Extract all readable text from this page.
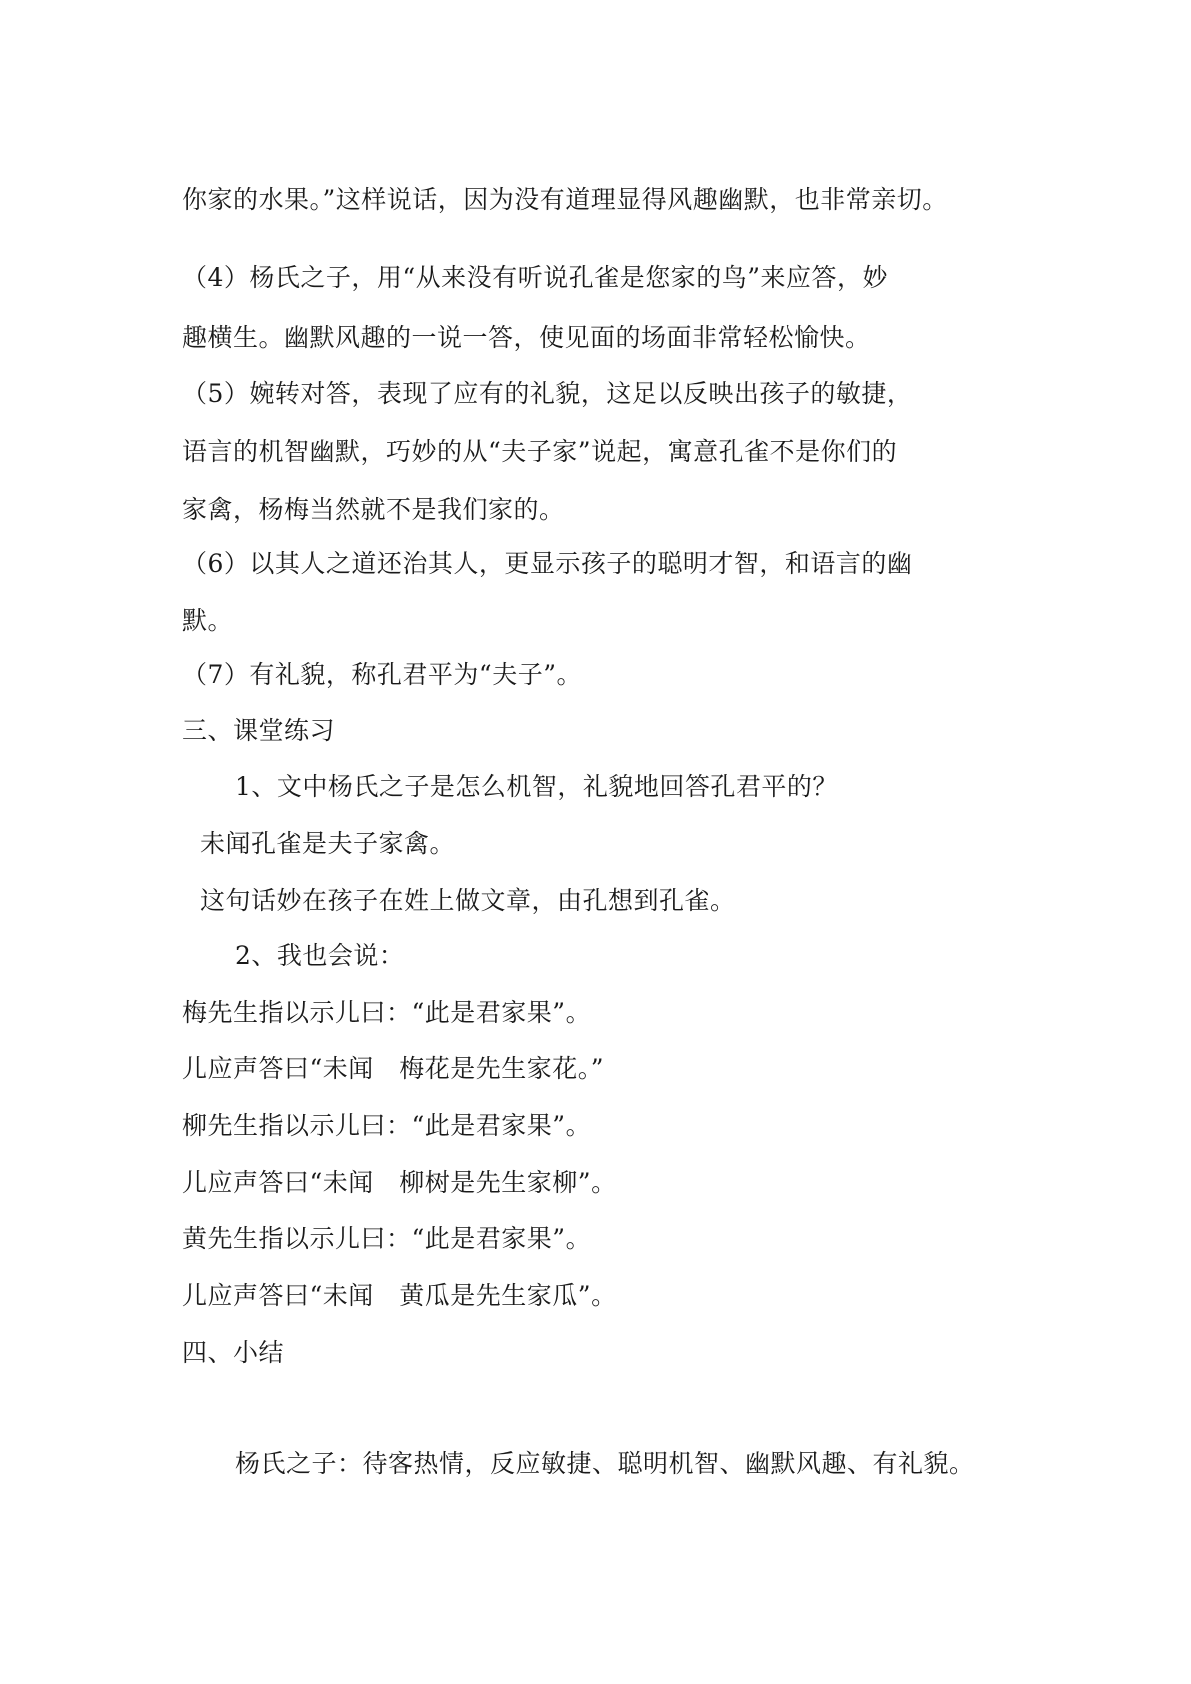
你家的水果。”这样说话，因为没有道理显得风趣幽默，也非常亲切。
（4）杨氏之子，用“从来没有听说孔雀是您家的鸟”来应答，妙
趣横生。幽默风趣的一说一答，使见面的场面非常轻松愉快。
（5）婉转对答，表现了应有的礼貌，这足以反映出孩子的敏捷，
语言的机智幽默，巧妙的从“夫子家”说起，寓意孔雀不是你们的
家禽，杨梅当然就不是我们家的。
（6）以其人之道还治其人，更显示孩子的聪明才智，和语言的幽
默。
（7）有礼貌，称孔君平为“夫子”。
三、课堂练习
1、文中杨氏之子是怎么机智，礼貌地回答孔君平的？
未闻孔雀是夫子家禽。
这句话妙在孩子在姓上做文章，由孔想到孔雀。
2、我也会说：
梅先生指以示儿曰：“此是君家果”。
儿应声答曰“未闻　梅花是先生家花。”
柳先生指以示儿曰：“此是君家果”。
儿应声答曰“未闻　柳树是先生家柳”。
黄先生指以示儿曰：“此是君家果”。
儿应声答曰“未闻　黄瓜是先生家瓜”。
四、小结
杨氏之子：待客热情，反应敏捷、聪明机智、幽默风趣、有礼貌。
